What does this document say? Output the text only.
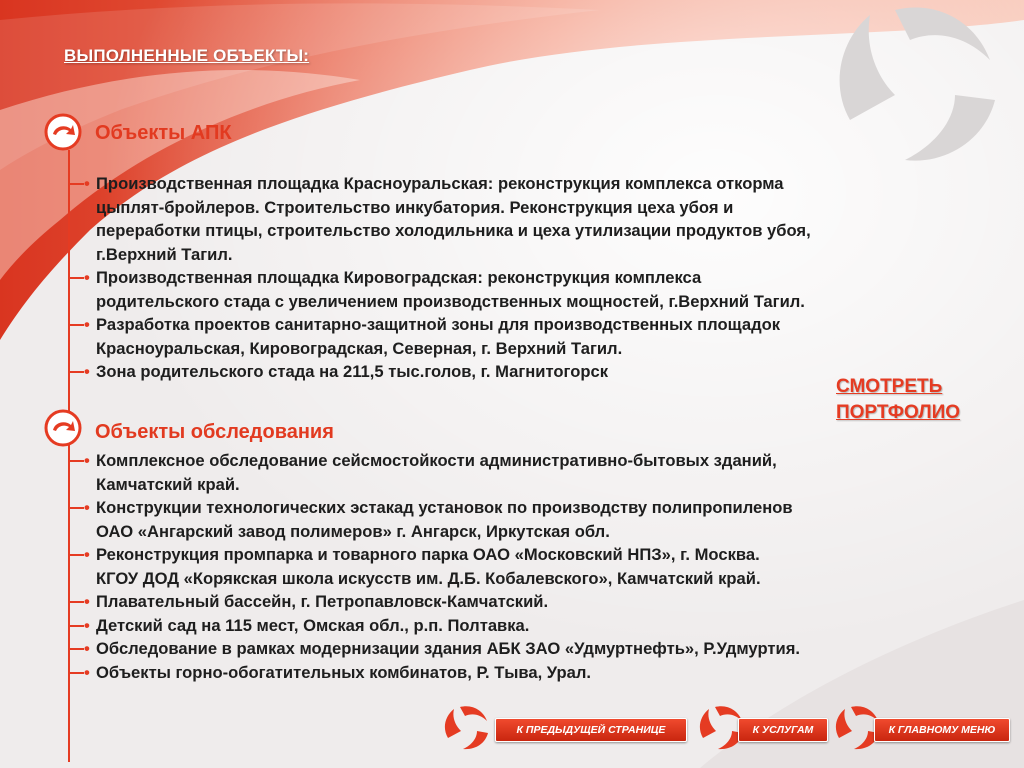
ВЫПОЛНЕННЫЕ ОБЪЕКТЫ:
Объекты АПК
• Производственная площадка Красноуральская: реконструкция комплекса откорма
цыплят-бройлеров. Строительство инкубатория. Реконструкция цеха убоя и
переработки птицы, строительство холодильника и цеха утилизации продуктов убоя,
г.Верхний Тагил.
• Производственная площадка Кировоградская: реконструкция комплекса
родительского стада с увеличением производственных мощностей, г.Верхний Тагил.
• Разработка проектов санитарно-защитной зоны для производственных площадок
Красноуральская, Кировоградская, Северная, г. Верхний Тагил.
• Зона родительского стада на 211,5 тыс.голов, г. Магнитогорск
СМОТРЕТЬ
ПОРТФОЛИО
Объекты обследования
• Комплексное обследование сейсмостойкости административно-бытовых зданий,
Камчатский край.
• Конструкции технологических эстакад установок по производству полипропиленов
ОАО «Ангарский завод полимеров» г. Ангарск, Иркутская обл.
• Реконструкция промпарка и товарного парка ОАО «Московский НПЗ», г. Москва.
КГОУ ДОД «Корякская школа искусств им. Д.Б. Кобалевского», Камчатский край.
• Плавательный бассейн, г. Петропавловск-Камчатский.
• Детский сад на 115 мест, Омская обл., р.п. Полтавка.
• Обследование в рамках модернизации здания АБК ЗАО «Удмуртнефть», Р.Удмуртия.
• Объекты горно-обогатительных комбинатов, Р. Тыва, Урал.
К ПРЕДЫДУЩЕЙ СТРАНИЦЕ	К УСЛУГАМ	К ГЛАВНОМУ МЕНЮ
